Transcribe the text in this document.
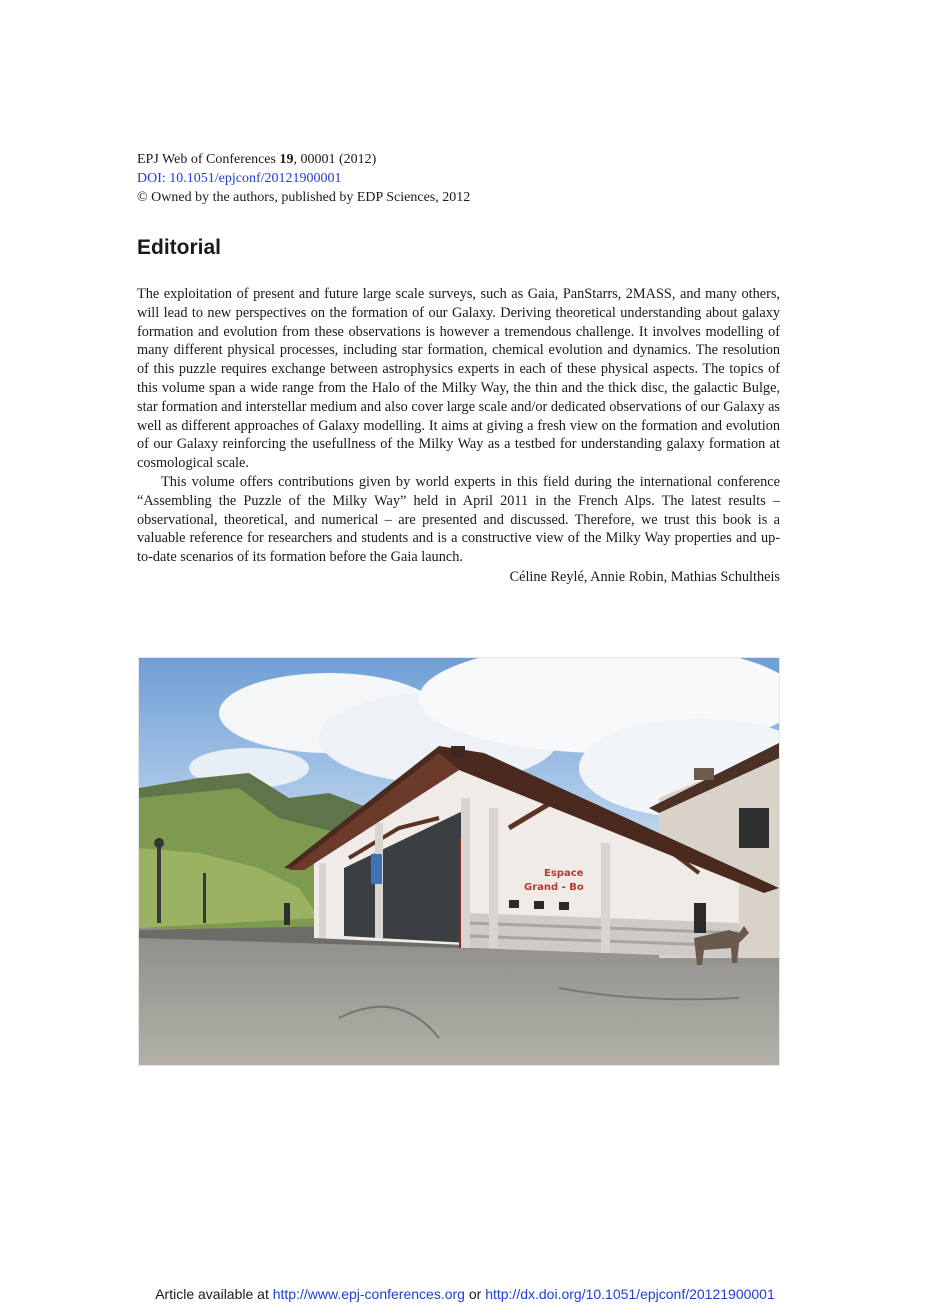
EPJ Web of Conferences 19, 00001 (2012)
DOI: 10.1051/epjconf/20121900001
© Owned by the authors, published by EDP Sciences, 2012
Editorial

The exploitation of present and future large scale surveys, such as Gaia, PanStarrs, 2MASS, and many others, will lead to new perspectives on the formation of our Galaxy. Deriving theoretical understanding about galaxy formation and evolution from these observations is however a tremendous challenge. It involves modelling of many different physical processes, including star formation, chemical evolution and dynamics. The resolution of this puzzle requires exchange between astrophysics experts in each of these physical aspects. The topics of this volume span a wide range from the Halo of the Milky Way, the thin and the thick disc, the galactic Bulge, star formation and interstellar medium and also cover large scale and/or dedicated observations of our Galaxy as well as different approaches of Galaxy modelling. It aims at giving a fresh view on the formation and evolution of our Galaxy reinforcing the usefullness of the Milky Way as a testbed for understanding galaxy formation at cosmological scale.

This volume offers contributions given by world experts in this field during the international conference “Assembling the Puzzle of the Milky Way” held in April 2011 in the French Alps. The latest results – observational, theoretical, and numerical – are presented and discussed. Therefore, we trust this book is a valuable reference for researchers and students and is a constructive view of the Milky Way properties and up-to-date scenarios of its formation before the Gaia launch.

Céline Reylé, Annie Robin, Mathias Schultheis

Espace
Grand - Bo
Article available at http://www.epj-conferences.org or http://dx.doi.org/10.1051/epjconf/20121900001
